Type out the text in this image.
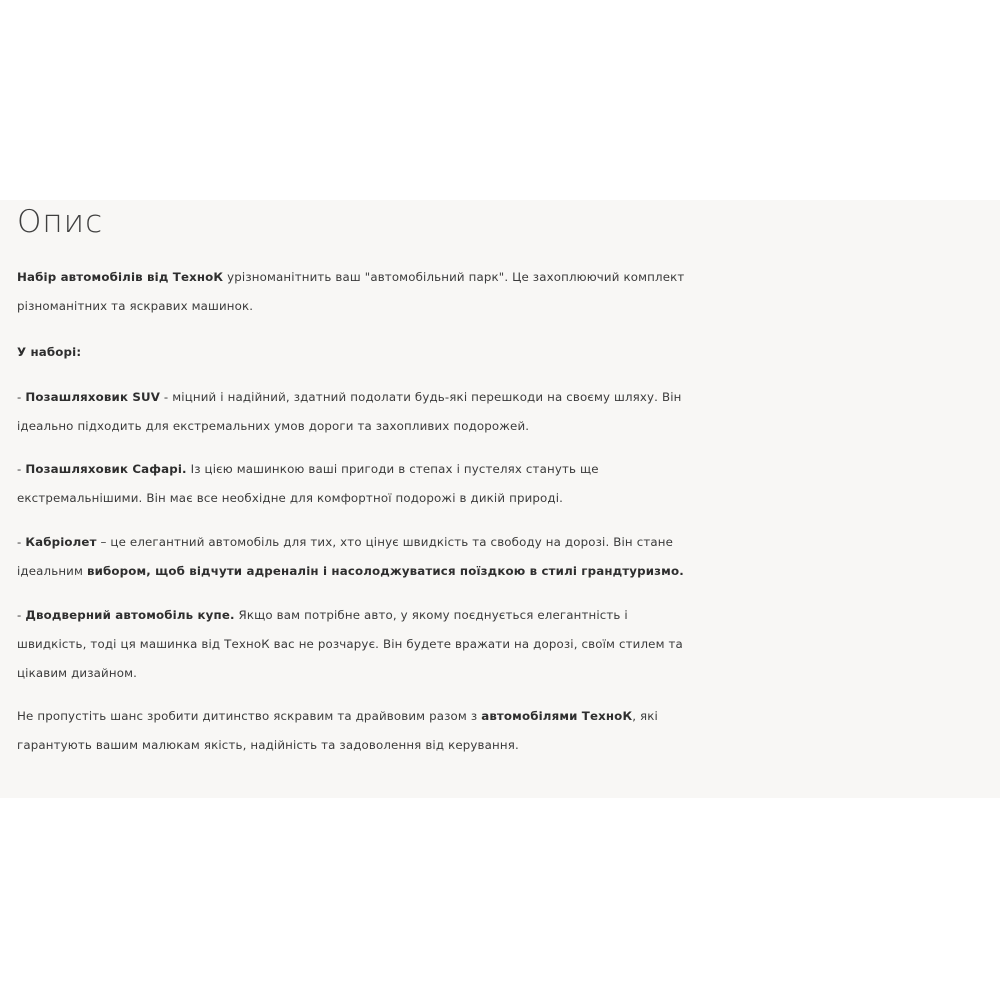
Опис

Набір автомобілів від ТехноК урізноманітнить ваш "автомобільний парк". Це захоплюючий комплект
різноманітних та яскравих машинок.

У наборі:

- Позашляховик SUV - міцний і надійний, здатний подолати будь-які перешкоди на своєму шляху. Він
ідеально підходить для екстремальних умов дороги та захопливих подорожей.

- Позашляховик Сафарі. Із цією машинкою ваші пригоди в степах і пустелях стануть ще
екстремальнішими. Він має все необхідне для комфортної подорожі в дикій природі.

- Кабріолет – це елегантний автомобіль для тих, хто цінує швидкість та свободу на дорозі. Він стане
ідеальним вибором, щоб відчути адреналін і насолоджуватися поїздкою в стилі грандтуризмо.

- Дводверний автомобіль купе. Якщо вам потрібне авто, у якому поєднується елегантність і
швидкість, тоді ця машинка від ТехноК вас не розчарує. Він будете вражати на дорозі, своїм стилем та
цікавим дизайном.

Не пропустіть шанс зробити дитинство яскравим та драйвовим разом з автомобілями ТехноК, які
гарантують вашим малюкам якість, надійність та задоволення від керування.
